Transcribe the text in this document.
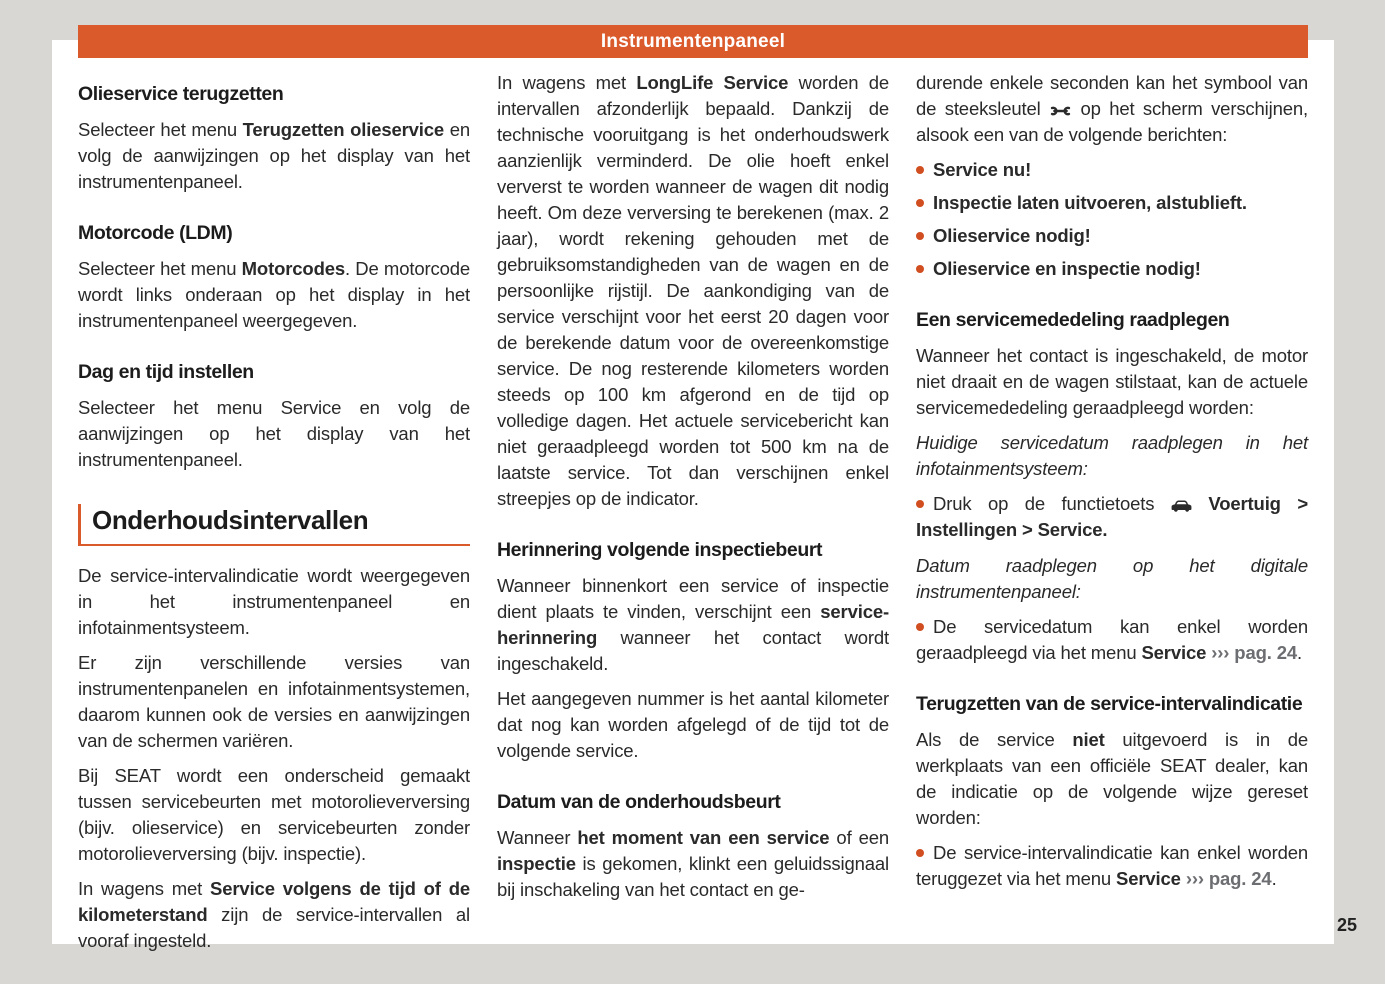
Instrumentenpaneel
Olieservice terugzetten

Selecteer het menu Terugzetten olieservice en volg de aanwijzingen op het display van het instrumentenpaneel.

Motorcode (LDM)

Selecteer het menu Motorcodes. De motorcode wordt links onderaan op het display in het instrumentenpaneel weergegeven.

Dag en tijd instellen

Selecteer het menu Service en volg de aanwijzingen op het display van het instrumentenpaneel.

Onderhoudsintervallen

De service-intervalindicatie wordt weergegeven in het instrumentenpaneel en infotainmentsysteem.

Er zijn verschillende versies van instrumentenpanelen en infotainmentsystemen, daarom kunnen ook de versies en aanwijzingen van de schermen variëren.

Bij SEAT wordt een onderscheid gemaakt tussen servicebeurten met motorolieverversing (bijv. olieservice) en servicebeurten zonder motorolieverversing (bijv. inspectie).

In wagens met Service volgens de tijd of de kilometerstand zijn de service-intervallen al vooraf ingesteld.

In wagens met LongLife Service worden de intervallen afzonderlijk bepaald. Dankzij de technische vooruitgang is het onderhoudswerk aanzienlijk verminderd. De olie hoeft enkel ververst te worden wanneer de wagen dit nodig heeft. Om deze verversing te berekenen (max. 2 jaar), wordt rekening gehouden met de gebruiksomstandigheden van de wagen en de persoonlijke rijstijl. De aankondiging van de service verschijnt voor het eerst 20 dagen voor de berekende datum voor de overeenkomstige service. De nog resterende kilometers worden steeds op 100 km afgerond en de tijd op volledige dagen. Het actuele servicebericht kan niet geraadpleegd worden tot 500 km na de laatste service. Tot dan verschijnen enkel streepjes op de indicator.

Herinnering volgende inspectiebeurt

Wanneer binnenkort een service of inspectie dient plaats te vinden, verschijnt een service-herinnering wanneer het contact wordt ingeschakeld.

Het aangegeven nummer is het aantal kilometer dat nog kan worden afgelegd of de tijd tot de volgende service.

Datum van de onderhoudsbeurt

Wanneer het moment van een service of een inspectie is gekomen, klinkt een geluidssignaal bij inschakeling van het contact en ge-

durende enkele seconden kan het symbool van de steeksleutel  op het scherm verschijnen, alsook een van de volgende berichten:

Service nu!

Inspectie laten uitvoeren, alstublieft.

Olieservice nodig!

Olieservice en inspectie nodig!

Een servicemededeling raadplegen

Wanneer het contact is ingeschakeld, de motor niet draait en de wagen stilstaat, kan de actuele servicemededeling geraadpleegd worden:

Huidige servicedatum raadplegen in het infotainmentsysteem:

Druk op de functietoets  Voertuig > Instellingen > Service.

Datum raadplegen op het digitale instrumentenpaneel:

De servicedatum kan enkel worden geraadpleegd via het menu Service ››› pag. 24.

Terugzetten van de service-intervalindicatie

Als de service niet uitgevoerd is in de werkplaats van een officiële SEAT dealer, kan de indicatie op de volgende wijze gereset worden:

De service-intervalindicatie kan enkel worden teruggezet via het menu Service ››› pag. 24.

25
